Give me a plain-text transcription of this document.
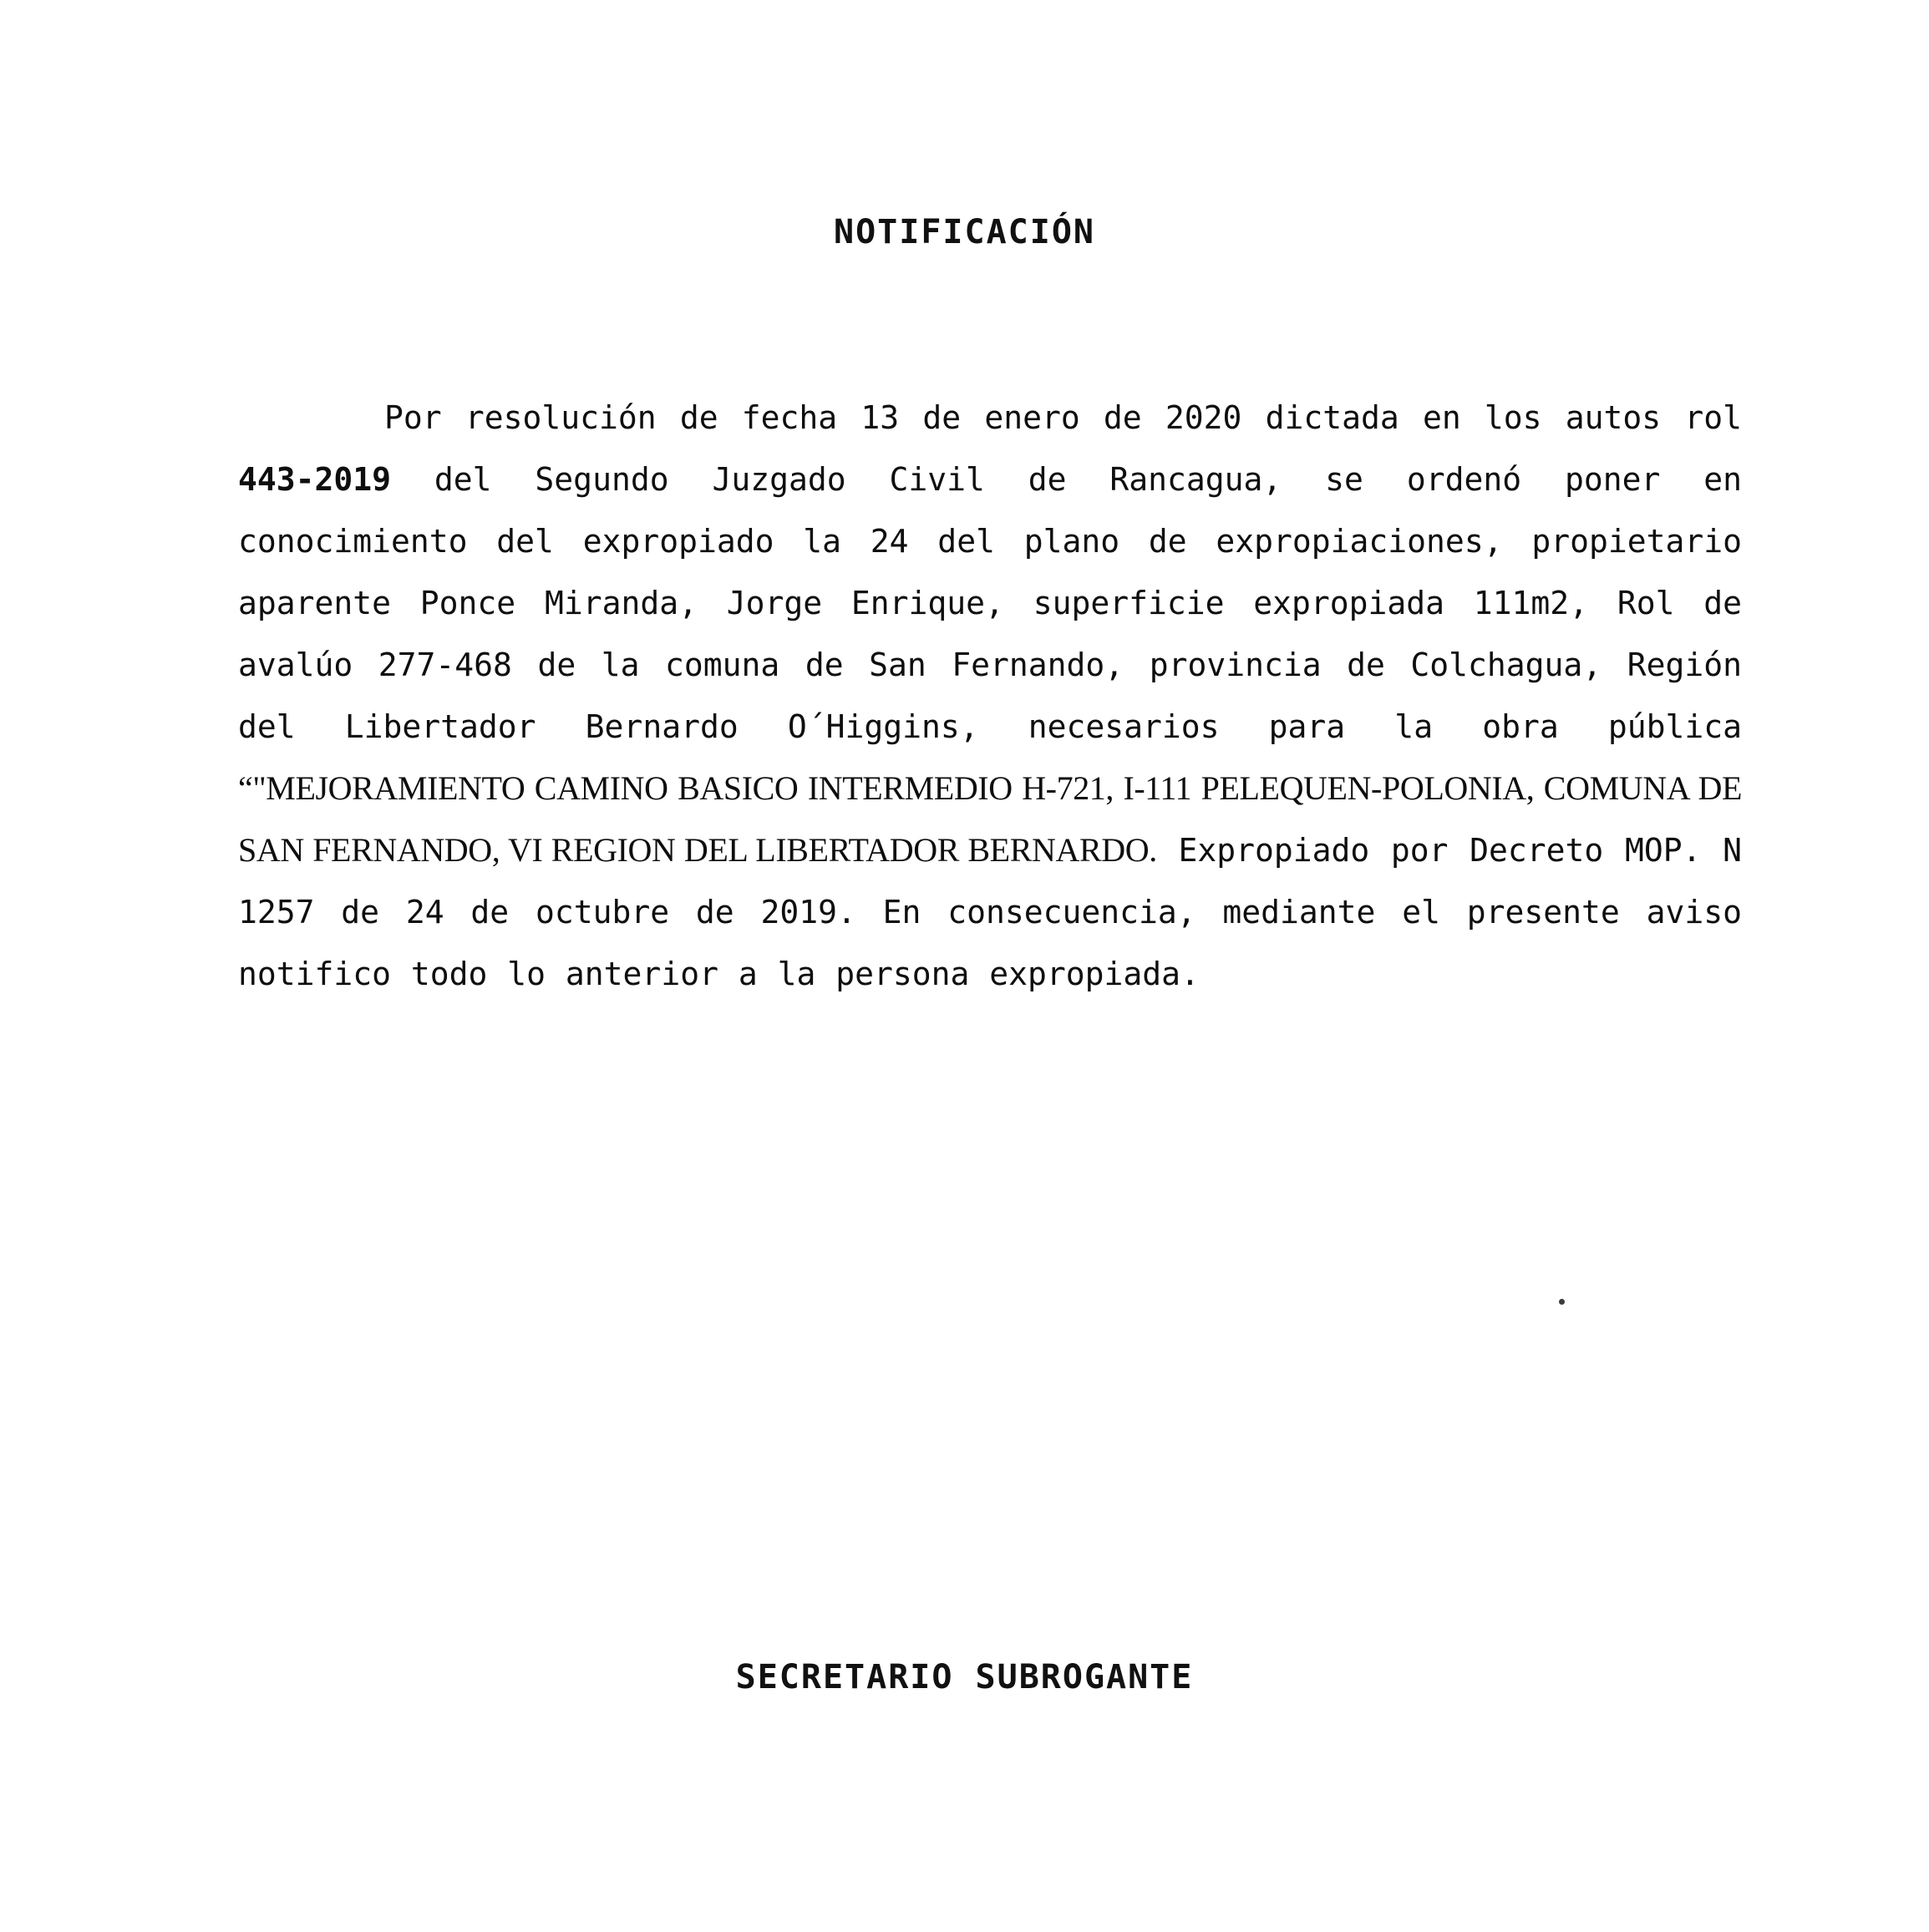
NOTIFICACIÓN

Por resolución de fecha 13 de enero de 2020 dictada en los autos rol 443-2019 del Segundo Juzgado Civil de Rancagua, se ordenó poner en conocimiento del expropiado la 24 del plano de expropiaciones, propietario aparente Ponce Miranda, Jorge Enrique, superficie expropiada 111m2, Rol de avalúo 277-468 de la comuna de San Fernando, provincia de Colchagua, Región del Libertador Bernardo O´Higgins, necesarios para la obra pública “"MEJORAMIENTO CAMINO BASICO INTERMEDIO H-721, I-111 PELEQUEN-POLONIA, COMUNA DE SAN FERNANDO, VI REGION DEL LIBERTADOR BERNARDO. Expropiado por Decreto MOP. N 1257 de 24 de octubre de 2019. En consecuencia, mediante el presente aviso notifico todo lo anterior a la persona expropiada.

SECRETARIO SUBROGANTE
